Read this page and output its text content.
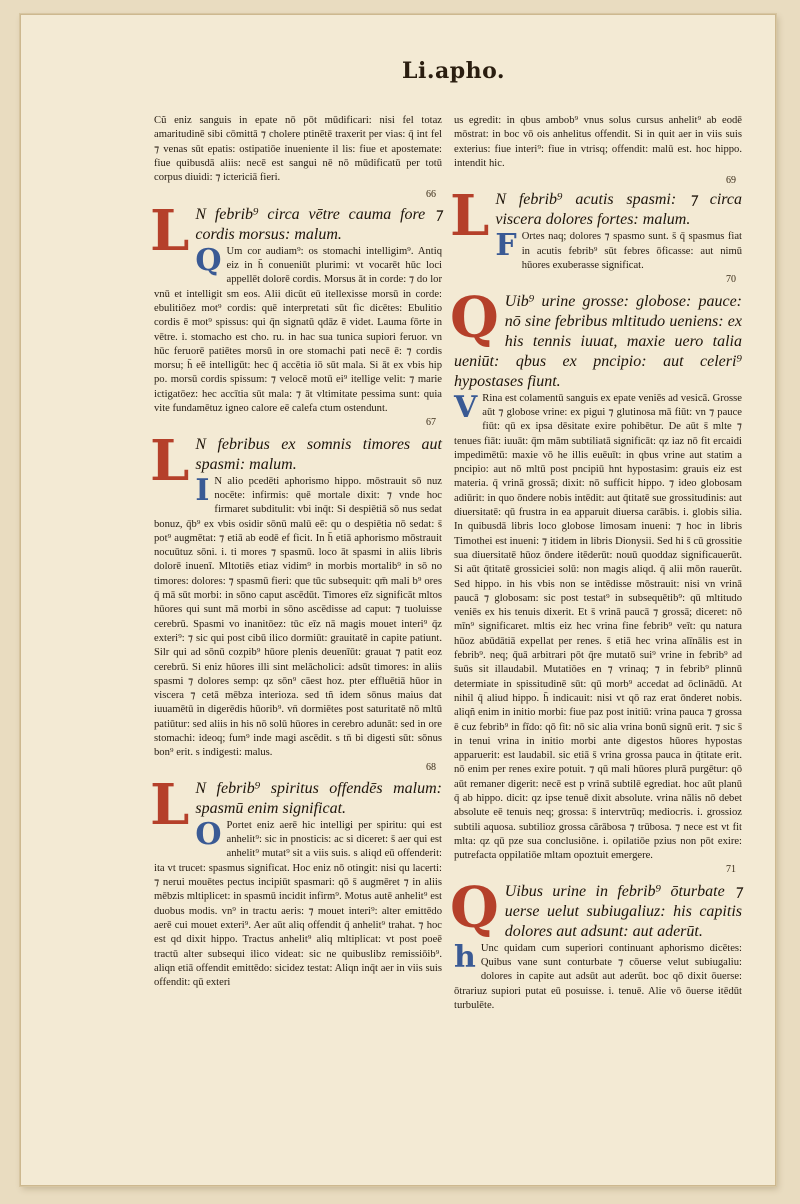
Li.apho.

Cũ eniz sanguis in epate nō pōt mūdificari: nisi fel totaz amaritudinē sibi cōmittā ⁊ cholere ptinētē traxerit per vias: q̄ int fel ⁊ venas sūt epatis: ostipatiōe inueniente il lis: fiue et apostemate: fiue quibusdā aliis: necē est sangui nē nō mūdificatū per totū corpus diuidi: ⁊ ictericiā fieri.

66
L N febrib⁹ circa vētre cauma fore ⁊ cordis morsus: malum.
Q Um cor audiam⁹: os stomachi intelligim⁹. Antiq eiz in h̄ conueniūt plurimi: vt vocarēt hūc loci appellēt dolorē cordis. Morsus āt in corde: ⁊ do lor vnū et intelligit sm eos. Alii dicūt eū itellexisse morsū in corde: ebulitiōez mot⁹ cordis: quē interpretati sūt fic dicētes: Ebulitio cordis ē mot⁹ spissus: qui q̄n signatū qdāz ē videt. Lauma fōrte in vētre. i. stomacho est cho. ru. in hac sua tunica supiori feruor. vn hūc feruorē patiētes morsū in ore stomachi pati necē ē: ⁊ cordis morsu; h̄ eē intelligūt: hec q̄ accētia iō sūt mala. Si āt ex vbis hip po. morsū cordis spissum: ⁊ velocē motū ei⁹ itellige velit: ⁊ marie ictigatōez: hec accītia sūt mala: ⁊ āt vltimitate pessima sunt: quia vite fundamētuz igneo calore eē calefa ctum ostendunt.
67
L N febribus ex somnis timores aut spasmi: malum.
I N alio pcedēti aphorismo hippo. mōstrauit sō nuz nocēte: infirmis: quē mortale dixit: ⁊ vnde hoc firmaret subditulit: vbi inq̄t: Si despiētiā sō nus sedat bonuz, q̄b⁹ ex vbis osidir sōnū malū eē: qu o despiētia nō sedat: s̄ pot⁹ augmētat: ⁊ etiā ab eodē ef ficit. In h̄ etiā aphorismo mōstrauit nocuūtuz sōni. i. ti mores ⁊ spasmū. loco āt spasmi in aliis libris dolorē inuenī. Mltotiēs etiaz vidim⁹ in morbis mortalib⁹ in sō no timores: dolores: ⁊ spasmū fieri: que tūc subsequit: qm̄ mali b⁹ ores q̄ mā sūt morbi: in sōno caput ascēdūt. Timores eīz significāt mltos hūores qui sunt mā morbi in sōno ascēdisse ad caput: ⁊ tuoluisse cerebrū. Spasmi vo inanitōez: tūc eīz nā magis mouet interi⁹ q̄z exteri⁹: ⁊ sic qui post cibū ilico dormiūt: grauitatē in capite patiunt. Silr qui ad sōnū cozpib⁹ hūore plenis deuenīūt: grauat ⁊ patit eoz cerebrū. Si eniz hūores illi sint melācholici: adsūt timores: in aliis spasmi ⁊ dolores semp: qz sōn⁹ cāest hoz. pter effluētiā hūor in viscera ⁊ cetā mēbza interioza. sed tñ idem sōnus maius dat iuuamētū in digerēdis hūorib⁹. vn̄ dormiētes post saturitatē nō mltū patiūtur: sed aliis in his nō solū hūores in cerebro adunāt: sed in ore stomachi: ideoq; fum⁹ inde magi ascēdit. s tn̄ bi digesti sūt: sōnus bon⁹ erit. s indigesti: malus.
68
L N febrib⁹ spiritus offendēs malum: spasmū enim significat.
O Portet eniz aerē hic intelligi per spiritu: qui est anhelit⁹: sic in pnosticis: ac si diceret: s̄ aer qui est anhelit⁹ mutat⁹ sit a viis suis. s aliqd eū offenderit: ita vt trucet: spasmus significat. Hoc eniz nō otingit: nisi qu lacerti: ⁊ nerui mouētes pectus incipiūt spasmari: qō s̄ augmēret ⁊ in aliis mēbzis mltiplicet: in spasmū incidit infirm⁹. Motus autē anhelit⁹ est duobus modis. vn⁹ in tractu aeris: ⁊ mouet interi⁹: alter emittēdo aerē cui mouet exteri⁹. Aer aūt aliq offendit q̄ anhelit⁹ trahat. ⁊ hoc est qd dixit hippo. Tractus anhelit⁹ aliq mltiplicat: vt post poeē tractū alter subsequi ilico videat: sic ne quibuslibz remissiōib⁹. aliqn etiā offendit emittēdo: sicidez testat: Aliqn inq̄t aer in viis suis offendit: qū exteri

us egredit: in qbus ambob⁹ vnus solus cursus anhelit⁹ ab eodē mōstrat: in boc vō ois anhelitus offendit. Si in quit aer in viis suis exterius: fiue interi⁹: fiue in vtrisq; offendit: malū est. hoc hippo. intendit hic.

69
L N febrib⁹ acutis spasmi: ⁊ circa viscera dolores fortes: malum.
F Ortes naq; dolores ⁊ spasmo sunt. s̄ q̄ spasmus fiat in acutis febrib⁹ sūt febres ōficasse: aut nimū hūores exuberasse significat.
70
Q Uib⁹ urine grosse: globose: pauce: nō sine febribus mltitudo ueniens: ex his tennis iuuat, maxie uero talia ueniūt: qbus ex pncipio: aut celeri⁹ hypostases fiunt.
V Rina est colamentū sanguis ex epate veniēs ad vesicā. Grosse aūt ⁊ globose vrine: ex pigui ⁊ glutinosa mā fiūt: vn ⁊ pauce fiūt: qū ex ipsa dēsitate exire pohibētur. De aūt s̄ mlte ⁊ tenues fiāt: iuuāt: q̄m mām subtiliatā significāt: qz iaz nō fit ercaidi impedimētū: maxie vō he illis euēuīt: in qbus vrine aut statim a pncipio: aut nō mltū post pncipiū hnt hypostasim: grauis eiz est materia. q̄ vrinā grossā; dixit: nō sufficit hippo. ⁊ ideo globosam adiūrit: in quo ōndere nobis intēdit: aut q̄titatē sue grossitudinis: aut diuersitatē: qū frustra in ea apparuit diuersa carābis. i. globis silia. In quibusdā libris loco globose limosam inueni: ⁊ hoc in libris Timothei est inueni: ⁊ itidem in libris Dionysii. Sed hi s̄ cū grossitie sua diuersitatē hūoz ōndere itēderūt: nouū quoddaz significauerūt. Si aūt q̄titatē grossiciei solū: non magis aliqd. q̄ alii mōn rauerūt. Sed hippo. in his vbis non se intēdisse mōstrauit: nisi vn vrinā paucā ⁊ globosam: sic post testat⁹ in subsequētib⁹: qū mltitudo veniēs ex his tenuis dixerit. Et s̄ vrinā paucā ⁊ grossā; diceret: nō mīn⁹ significaret. mltis eiz hec vrina fine febrib⁹ veīt: qu natura hūoz abūdātiā expellat per renes. s̄ etiā hec vrina alīnālis est in febrib⁹. neq; q̄uā arbitrari pōt q̄re mutatō sui⁹ vrine in febrib⁹ ad s̄uūs sit illaudabil. Mutatiōes en ⁊ vrinaq; ⁊ in febrib⁹ plinnū determiate in spissitudinē sūt: qū morb⁹ accedat ad ōclinādū. At nihil q̄ aliud hippo. h̄ indicauit: nisi vt qō raz erat ōnderet nobis. aliqñ enim in initio morbi: fiue paz post initiū: vrina pauca ⁊ grossa ē cuz febrib⁹ in fīdo: qō fit: nō sic alia vrina bonū signū erit. ⁊ sic s̄ in tenui vrina in initio morbi ante digestos hūores hypostas apparuerit: est laudabil. sic etiā s̄ vrina grossa pauca in q̄titate erit. nō enim per renes exire potuit. ⁊ qū mali hūores plurā purgētur: qō aūt remaner digerit: necē est p vrinā subtilē egrediat. hoc aūt planū q̄ ab hippo. dicit: qz ipse tenuē dixit absolute. vrina nālis nō debet absolute eē tenuis neq; grossa: s̄ intervtrūq; mediocris. i. grossioz subtili aquosa. subtilioz grossa cārābosa ⁊ trūbosa. ⁊ nece est vt fit mlta: qz qū pze sua conclusiōne. i. opilatiōe pzius non pōt exire: putrefacta oppilatiōe mltam opoztuit emergere.
71
Q Uibus urine in febrib⁹ ōturbate ⁊ uerse uelut subiugaliuz: his capitis dolores aut adsunt: aut aderūt.
h Unc quidam cum superiori continuant aphorismo dicētes: Quibus vane sunt conturbate ⁊ cōuerse velut subiugaliu: dolores in capite aut adsūt aut aderūt. boc qō dixit ōuerse: ōtrariuz supiori putat eū posuisse. i. tenuē. Alie vō ōuerse itēdūt turbulēte.
